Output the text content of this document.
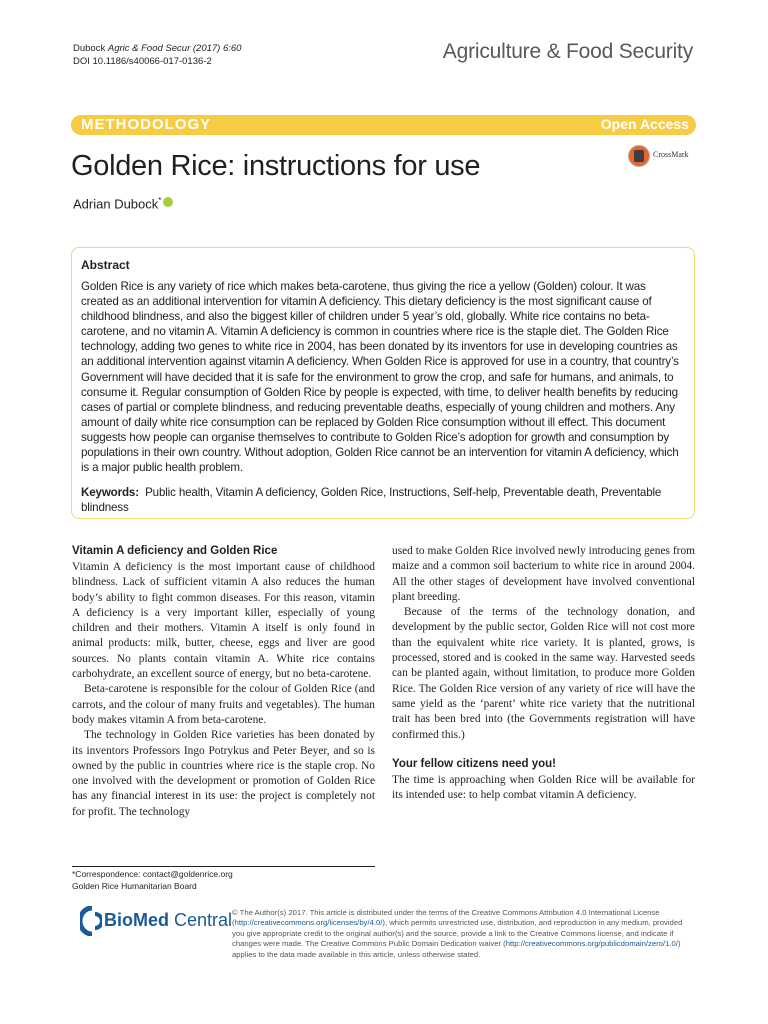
Dubock Agric & Food Secur (2017) 6:60
DOI 10.1186/s40066-017-0136-2	Agriculture & Food Security
METHODOLOGY	Open Access
Golden Rice: instructions for use	CrossMark
Adrian Dubock*
Abstract
Golden Rice is any variety of rice which makes beta-carotene, thus giving the rice a yellow (Golden) colour. It was created as an additional intervention for vitamin A deficiency. This dietary deficiency is the most significant cause of childhood blindness, and also the biggest killer of children under 5 year’s old, globally. White rice contains no beta-carotene, and no vitamin A. Vitamin A deficiency is common in countries where rice is the staple diet. The Golden Rice technology, adding two genes to white rice in 2004, has been donated by its inventors for use in developing countries as an additional intervention against vitamin A deficiency. When Golden Rice is approved for use in a country, that country’s Government will have decided that it is safe for the environment to grow the crop, and safe for humans, and animals, to consume it. Regular consumption of Golden Rice by people is expected, with time, to deliver health benefits by reducing cases of partial or complete blindness, and reducing preventable deaths, especially of young children and mothers. Any amount of daily white rice consumption can be replaced by Golden Rice consumption without ill effect. This document suggests how people can organise themselves to contribute to Golden Rice’s adoption for growth and consumption by populations in their own country. Without adoption, Golden Rice cannot be an intervention for vitamin A deficiency, which is a major public health problem.
Keywords: Public health, Vitamin A deficiency, Golden Rice, Instructions, Self-help, Preventable death, Preventable blindness
Vitamin A deficiency and Golden Rice

Vitamin A deficiency is the most important cause of childhood blindness. Lack of sufficient vitamin A also reduces the human body’s ability to fight common diseases. For this reason, vitamin A deficiency is a very important killer, especially of young children and their mothers. Vitamin A itself is only found in animal products: milk, butter, cheese, eggs and liver are good sources. No plants contain vitamin A. White rice contains carbohydrate, an excellent source of energy, but no beta-carotene.

Beta-carotene is responsible for the colour of Golden Rice (and carrots, and the colour of many fruits and vegetables). The human body makes vitamin A from beta-carotene.

The technology in Golden Rice varieties has been donated by its inventors Professors Ingo Potrykus and Peter Beyer, and so is owned by the public in countries where rice is the staple crop. No one involved with the development or promotion of Golden Rice has any financial interest in its use: the project is completely not for profit. The technology

used to make Golden Rice involved newly introducing genes from maize and a common soil bacterium to white rice in around 2004. All the other stages of development have involved conventional plant breeding.

Because of the terms of the technology donation, and development by the public sector, Golden Rice will not cost more than the equivalent white rice variety. It is planted, grows, is processed, stored and is cooked in the same way. Harvested seeds can be planted again, without limitation, to produce more Golden Rice. The Golden Rice version of any variety of rice will have the same yield as the ‘parent’ white rice variety that the nutritional trait has been bred into (the Governments registration will have confirmed this.)

Your fellow citizens need you!

The time is approaching when Golden Rice will be available for its intended use: to help combat vitamin A deficiency.

*Correspondence: contact@goldenrice.org
Golden Rice Humanitarian Board
BioMed Central © The Author(s) 2017. This article is distributed under the terms of the Creative Commons Attribution 4.0 International License (http://creativecommons.org/licenses/by/4.0/), which permits unrestricted use, distribution, and reproduction in any medium, provided you give appropriate credit to the original author(s) and the source, provide a link to the Creative Commons license, and indicate if changes were made. The Creative Commons Public Domain Dedication waiver (http://creativecommons.org/publicdomain/zero/1.0/) applies to the data made available in this article, unless otherwise stated.
